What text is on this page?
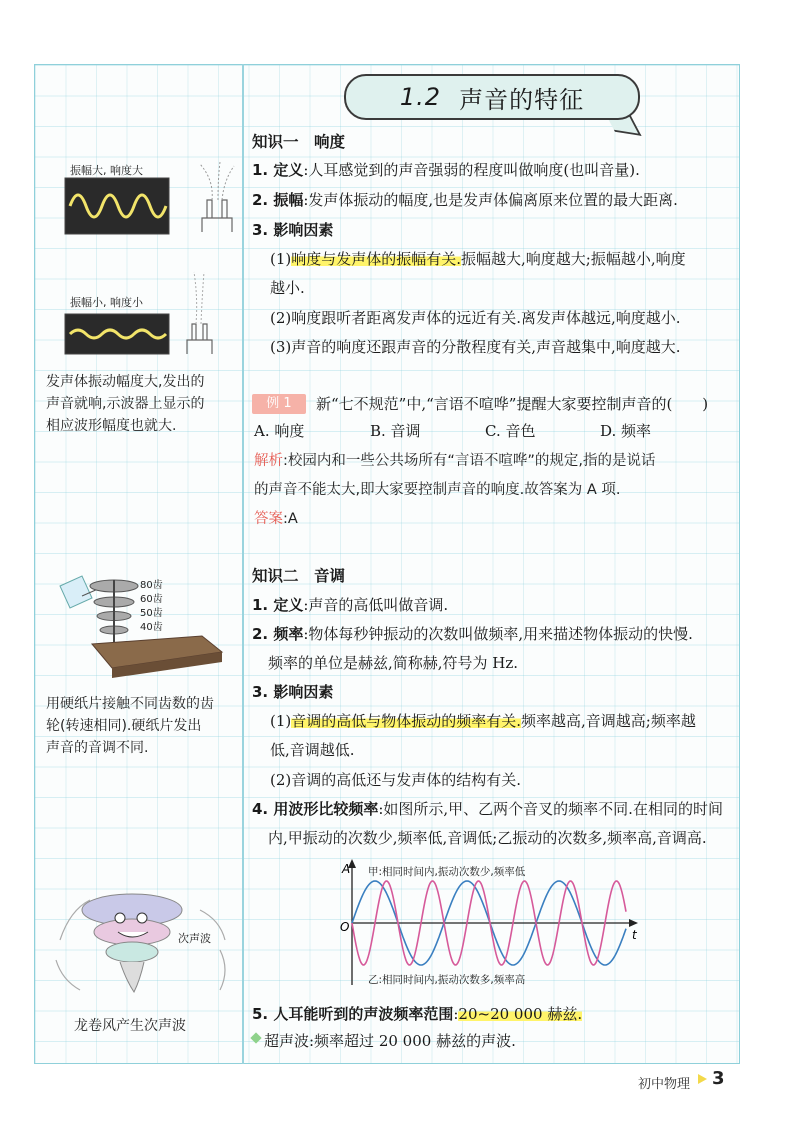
1.2 声音的特征
知识一　响度
1. 定义:人耳感觉到的声音强弱的程度叫做响度(也叫音量).
2. 振幅:发声体振动的幅度,也是发声体偏离原来位置的最大距离.
3. 影响因素
(1)响度与发声体的振幅有关.振幅越大,响度越大;振幅越小,响度
越小.
(2)响度跟听者距离发声体的远近有关.离发声体越远,响度越小.
(3)声音的响度还跟声音的分散程度有关,声音越集中,响度越大.
例 1	新“七不规范”中,“言语不喧哗”提醒大家要控制声音的(　　)
A. 响度	B. 音调	C. 音色	D. 频率
解析:校园内和一些公共场所有“言语不喧哗”的规定,指的是说话
的声音不能太大,即大家要控制声音的响度.故答案为 A 项.
答案:A
知识二　音调
1. 定义:声音的高低叫做音调.
2. 频率:物体每秒钟振动的次数叫做频率,用来描述物体振动的快慢.
频率的单位是赫兹,简称赫,符号为 Hz.
3. 影响因素
(1)音调的高低与物体振动的频率有关.频率越高,音调越高;频率越
低,音调越低.
(2)音调的高低还与发声体的结构有关.
4. 用波形比较频率:如图所示,甲、乙两个音叉的频率不同.在相同的时间
内,甲振动的次数少,频率低,音调低;乙振动的次数多,频率高,音调高.
A
t
O
甲:相同时间内,振动次数少,频率低
乙:相同时间内,振动次数多,频率高
5. 人耳能听到的声波频率范围:20~20 000 赫兹.
超声波:频率超过 20 000 赫兹的声波.
振幅大, 响度大
振幅小, 响度小
发声体振动幅度大,发出的
声音就响,示波器上显示的
相应波形幅度也就大.
80齿
60齿
50齿
40齿
用硬纸片接触不同齿数的齿
轮(转速相同).硬纸片发出
声音的音调不同.
次声波
龙卷风产生次声波
初中物理 3
